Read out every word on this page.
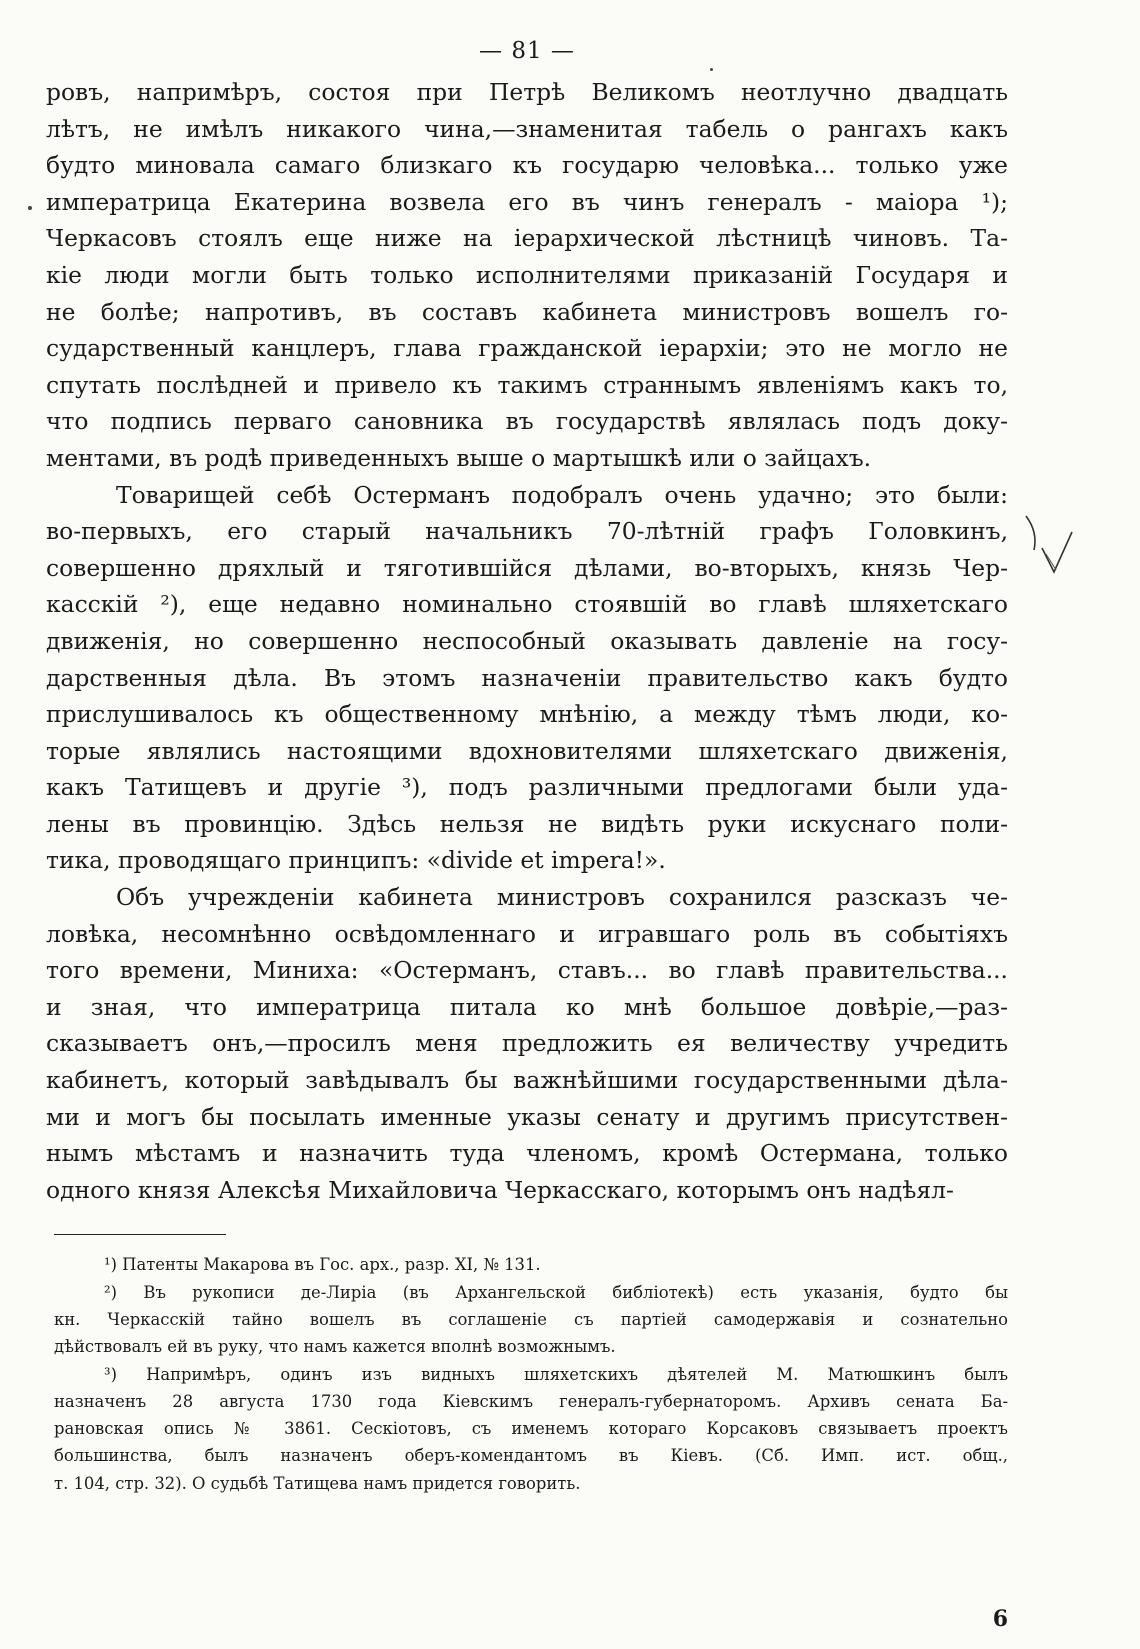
— 81 —
ровъ, напримѣръ, состоя при Петрѣ Великомъ неотлучно двадцать
лѣтъ, не имѣлъ никакого чина,—знаменитая табель о рангахъ какъ
будто миновала самаго близкаго къ государю человѣка... только уже
императрица Екатерина возвела его въ чинъ генералъ - маіора ¹);
Черкасовъ стоялъ еще ниже на іерархической лѣстницѣ чиновъ. Та-
кіе люди могли быть только исполнителями приказаній Государя и
не болѣе; напротивъ, въ составъ кабинета министровъ вошелъ го-
сударственный канцлеръ, глава гражданской іерархіи; это не могло не
спутать послѣдней и привело къ такимъ страннымъ явленіямъ какъ то,
что подпись перваго сановника въ государствѣ являлась подъ доку-
ментами, въ родѣ приведенныхъ выше о мартышкѣ или о зайцахъ.
Товарищей себѣ Остерманъ подобралъ очень удачно; это были:
во-первыхъ, его старый начальникъ 70-лѣтній графъ Головкинъ,
совершенно дряхлый и тяготившійся дѣлами, во-вторыхъ, князь Чер-
касскій ²), еще недавно номинально стоявшій во главѣ шляхетскаго
движенія, но совершенно неспособный оказывать давленіе на госу-
дарственныя дѣла. Въ этомъ назначеніи правительство какъ будто
прислушивалось къ общественному мнѣнію, а между тѣмъ люди, ко-
торые являлись настоящими вдохновителями шляхетскаго движенія,
какъ Татищевъ и другіе ³), подъ различными предлогами были уда-
лены въ провинцію. Здѣсь нельзя не видѣть руки искуснаго поли-
тика, проводящаго принципъ: «divide et impera!».
Объ учрежденіи кабинета министровъ сохранился разсказъ че-
ловѣка, несомнѣнно освѣдомленнаго и игравшаго роль въ событіяхъ
того времени, Миниха: «Остерманъ, ставъ... во главѣ правительства...
и зная, что императрица питала ко мнѣ большое довѣріе,—раз-
сказываетъ онъ,—просилъ меня предложить ея величеству учредить
кабинетъ, который завѣдывалъ бы важнѣйшими государственными дѣла-
ми и могъ бы посылать именные указы сенату и другимъ присутствен-
нымъ мѣстамъ и назначить туда членомъ, кромѣ Остермана, только
одного князя Алексѣя Михайловича Черкасскаго, которымъ онъ надѣял-
¹) Патенты Макарова въ Гос. арх., разр. XI, № 131.
²) Въ рукописи де-Лиріа (въ Архангельской библіотекѣ) есть указанія, будто бы
кн. Черкасскій тайно вошелъ въ соглашеніе съ партіей самодержавія и сознательно
дѣйствовалъ ей въ руку, что намъ кажется вполнѣ возможнымъ.
³) Напримѣръ, одинъ изъ видныхъ шляхетскихъ дѣятелей М. Матюшкинъ былъ
назначенъ 28 августа 1730 года Кіевскимъ генералъ-губернаторомъ. Архивъ сената Ба-
рановская опись № 3861. Сескіотовъ, съ именемъ котораго Корсаковъ связываетъ проектъ
большинства, былъ назначенъ оберъ-комендантомъ въ Кіевъ. (Сб. Имп. ист. общ.,
т. 104, стр. 32). О судьбѣ Татищева намъ придется говорить.
6
